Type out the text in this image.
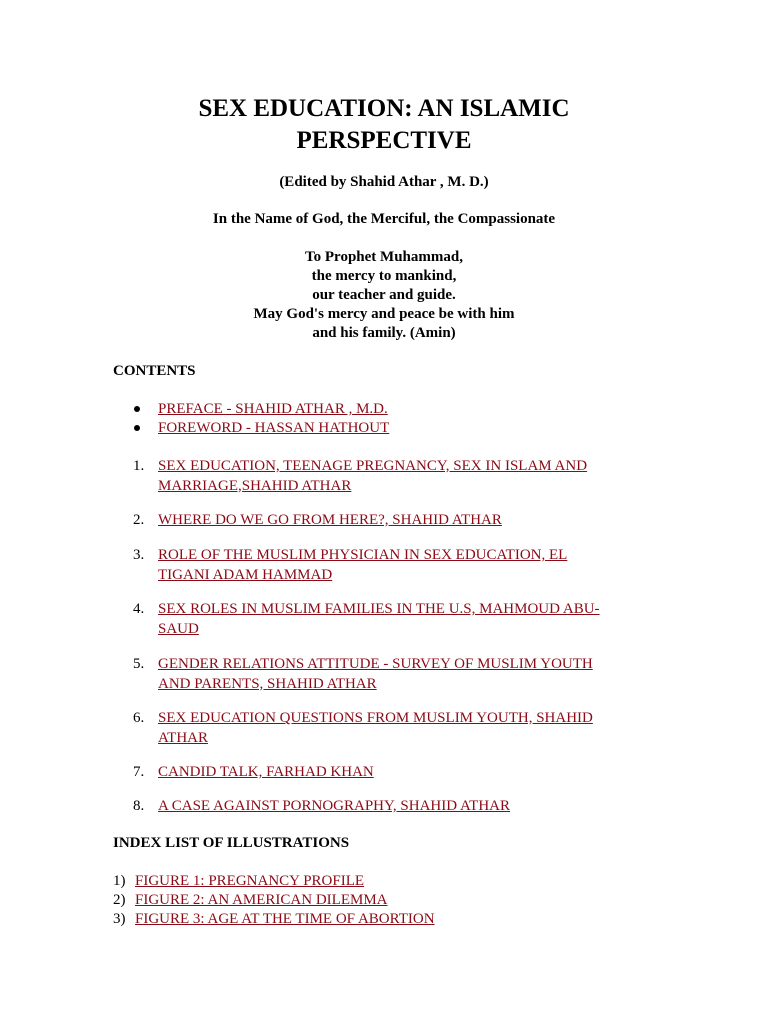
SEX EDUCATION: AN ISLAMIC
PERSPECTIVE
(Edited by Shahid Athar , M. D.)
In the Name of God, the Merciful, the Compassionate
To Prophet Muhammad,
the mercy to mankind,
our teacher and guide.
May God's mercy and peace be with him
and his family. (Amin)
CONTENTS
PREFACE - SHAHID ATHAR , M.D.
FOREWORD - HASSAN HATHOUT
1. SEX EDUCATION, TEENAGE PREGNANCY, SEX IN ISLAM AND
MARRIAGE,SHAHID ATHAR
2. WHERE DO WE GO FROM HERE?, SHAHID ATHAR
3. ROLE OF THE MUSLIM PHYSICIAN IN SEX EDUCATION, EL
TIGANI ADAM HAMMAD
4. SEX ROLES IN MUSLIM FAMILIES IN THE U.S, MAHMOUD ABU-
SAUD
5. GENDER RELATIONS ATTITUDE - SURVEY OF MUSLIM YOUTH
AND PARENTS, SHAHID ATHAR
6. SEX EDUCATION QUESTIONS FROM MUSLIM YOUTH, SHAHID
ATHAR
7. CANDID TALK, FARHAD KHAN
8. A CASE AGAINST PORNOGRAPHY, SHAHID ATHAR
INDEX LIST OF ILLUSTRATIONS
1) FIGURE 1: PREGNANCY PROFILE
2) FIGURE 2: AN AMERICAN DILEMMA
3) FIGURE 3: AGE AT THE TIME OF ABORTION
